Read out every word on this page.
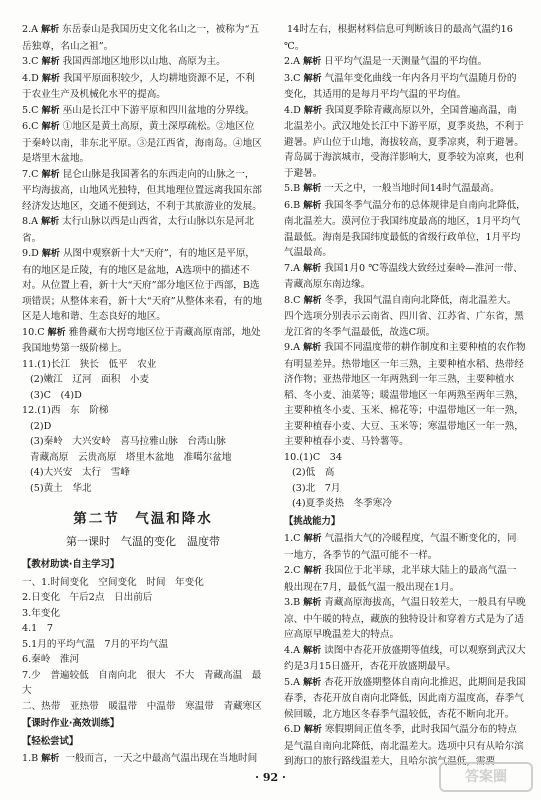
2.A 解析 东岳泰山是我国历史文化名山之一，被称为“五岳独尊，名山之祖”。

3.C 解析 我国西部地区地形以山地、高原为主。

4.D 解析 我国平原面积较少，人均耕地资源不足，不利于农业生产及机械化水平的提高。

5.C 解析 巫山是长江中下游平原和四川盆地的分界线。

6.C 解析 ①地区是黄土高原，黄土深厚疏松。②地区位于秦岭以南，非东北平原。③是江西省，海南岛。④地区是塔里木盆地。

7.C 解析 昆仑山脉是我国著名的东西走向的山脉之一，平均海拔高，山地风光独特，但其地理位置远离我国东部经济发达地区，交通不便到达，不利于其旅游业的发展。

8.A 解析 太行山脉以西是山西省，太行山脉以东是河北省。

9.D 解析 从图中观察新十大“天府”，有的地区是平原，有的地区是丘陵，有的地区是盆地，A选项中的描述不对。从位置上看，新十大“天府”部分地区位于西部，B选项错误；从整体来看，新十大“天府”从整体来看，有的地区是人地和谐、生态良好的地区。

10.C 解析 雅鲁藏布大拐弯地区位于青藏高原南部，地处我国地势第一级阶梯上。

11.(1)长江　狭长　低平　农业

(2)嫩江　辽河　面积　小麦

(3)C　(4)D

12.(1)西　东　阶梯

(2)D

(3)秦岭　大兴安岭　喜马拉雅山脉　台湾山脉

青藏高原　云贵高原　塔里木盆地　准噶尔盆地

(4)大兴安　太行　雪峰

(5)黄土　华北

第二节　气温和降水
第一课时　气温的变化　温度带
【教材助读·自主学习】

一、1.时间变化　空间变化　时间　年变化

2.日变化　午后2点　日出前后

3.年变化

4.1　7

5.1月的平均气温　7月的平均气温

6.秦岭　淮河

7.少　普遍较低　自南向北　很大　不大　青藏高温　最大

二、热带　亚热带　暖温带　中温带　寒温带　青藏寒区

【课时作业·高效训练】
【轻松尝试】

1.B 解析 一般而言，一天之中最高气温出现在当地时间

14时左右，根据材料信息可判断该日的最高气温约16 ℃。

2.A 解析 日平均气温是一天测量气温的平均值。

3.C 解析 气温年变化曲线一年内各月平均气温随月份的变化，其适用的是每月平均气温的平均值。

4.D 解析 我国夏季除青藏高原以外，全国普遍高温，南北温差小。武汉地处长江中下游平原，夏季炎热，不利于避暑。庐山位于山地，海拔较高，夏季凉爽，利于避暑。青岛属于海滨城市，受海洋影响大，夏季较为凉爽，也利于避暑。

5.B 解析 一天之中，一般当地时间14时气温最高。

6.B 解析 我国冬季气温分布的总体规律是自南向北降低，南北温差大。漠河位于我国纬度最高的地区，1月平均气温最低。海南是我国纬度最低的省级行政单位，1月平均气温最高。

7.A 解析 我国1月0 ℃等温线大致经过秦岭—淮河一带、青藏高原东南边缘。

8.C 解析 冬季，我国气温自南向北降低，南北温差大。四个选项分别表示云南省、四川省、江苏省、广东省，黑龙江省的冬季气温最低，故选C项。

9.A 解析 我国不同温度带的耕作制度和主要种植的农作物有明显差异。热带地区一年三熟，主要种植水稻、热带经济作物；亚热带地区一年两熟到一年三熟，主要种植水稻、冬小麦、油菜等；暖温带地区一年两熟至两年三熟，主要种植冬小麦、玉米、棉花等；中温带地区一年一熟，主要种植春小麦、大豆、玉米等；寒温带地区一年一熟，主要种植春小麦、马铃薯等。

10.(1)C　34

(2)低　高

(3)北　7月

(4)夏季炎热　冬季寒冷

【挑战能力】

1.C 解析 气温指大气的冷暖程度，气温不断变化的，同一地方，各季节的气温可能不一样。

2.C 解析 我国位于北半球，北半球大陆上的最高气温一般出现在7月，最低气温一般出现在1月。

3.B 解析 青藏高原海拔高，气温日较差大，一般具有早晚凉、中午暖的特点，藏族的独特设计和穿着方式是为了适应高原早晚温差大的特点。

4.A 解析 读图中杏花开放盛期等值线，可以观察到武汉大约是3月15日盛开，杏花开放盛期最早。

5.A 解析 杏花开放盛期整体自南向北推迟，此期间是我国春季，杏花开放自南向北降低，因此南方温度高，春季气候回暖，北方地区冬春季气温较低，杏花不断向北开。

6.D 解析 寒假期间正值冬季，此时我国气温分布的特点是气温自南向北降低，南北温差大。选项中只有从哈尔滨到海口的旅行路线温差大，且哈尔滨气温低，需要

· 92 ·	答案圈
